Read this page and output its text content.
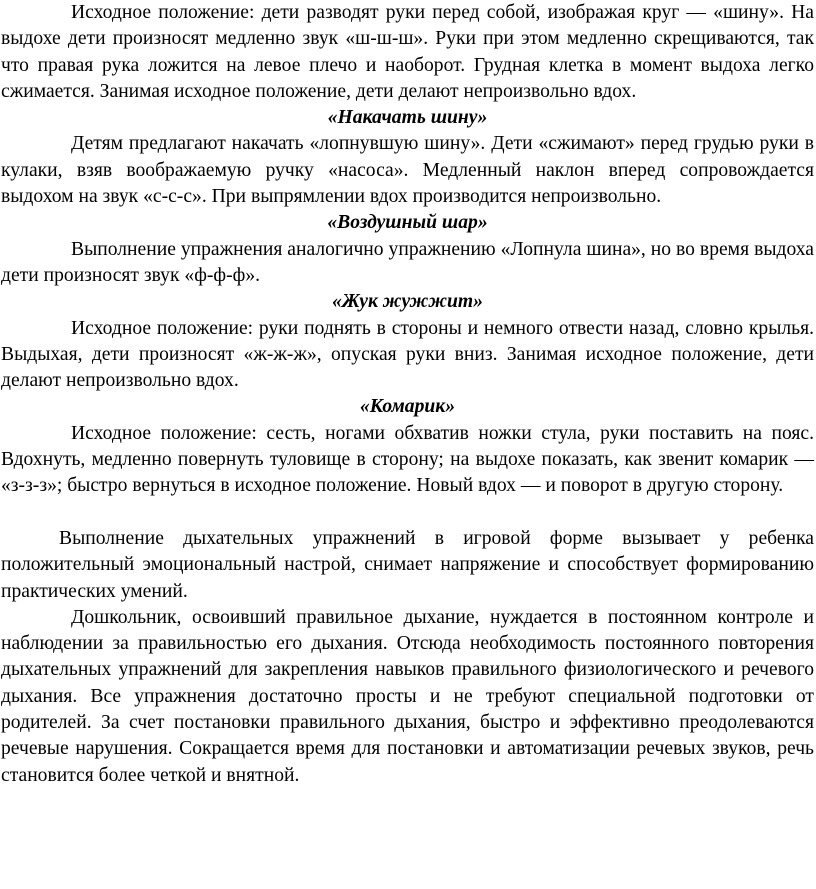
Исходное положение: дети разводят руки перед собой, изображая круг — «шину». На выдохе дети произносят медленно звук «ш-ш-ш». Руки при этом медленно скрещиваются, так что правая рука ложится на левое плечо и наоборот. Грудная клетка в момент выдоха легко сжимается. Занимая исходное положение, дети делают непроизвольно вдох.

«Накачать шину»

Детям предлагают накачать «лопнувшую шину». Дети «сжимают» перед грудью руки в кулаки, взяв воображаемую ручку «насоса». Медленный наклон вперед сопровождается выдохом на звук «с-с-с». При выпрямлении вдох производится непроизвольно.

«Воздушный шар»

Выполнение упражнения аналогично упражнению «Лопнула шина», но во время выдоха дети произносят звук «ф-ф-ф».

«Жук жужжит»

Исходное положение: руки поднять в стороны и немного отвести назад, словно крылья. Выдыхая, дети произносят «ж-ж-ж», опуская руки вниз. Занимая исходное положение, дети делают непроизвольно вдох.

«Комарик»

Исходное положение: сесть, ногами обхватив ножки стула, руки поставить на пояс. Вдохнуть, медленно повернуть туловище в сторону; на выдохе показать, как звенит комарик — «з-з-з»; быстро вернуться в исходное положение. Новый вдох — и поворот в другую сторону.

Выполнение дыхательных упражнений в игровой форме вызывает у ребенка положительный эмоциональный настрой, снимает напряжение и способствует формированию практических умений.

Дошкольник, освоивший правильное дыхание, нуждается в постоянном контроле и наблюдении за правильностью его дыхания. Отсюда необходимость постоянного повторения дыхательных упражнений для закрепления навыков правильного физиологического и речевого дыхания. Все упражнения достаточно просты и не требуют специальной подготовки от родителей. За счет постановки правильного дыхания, быстро и эффективно преодолеваются речевые нарушения. Сокращается время для постановки и автоматизации речевых звуков, речь становится более четкой и внятной.
